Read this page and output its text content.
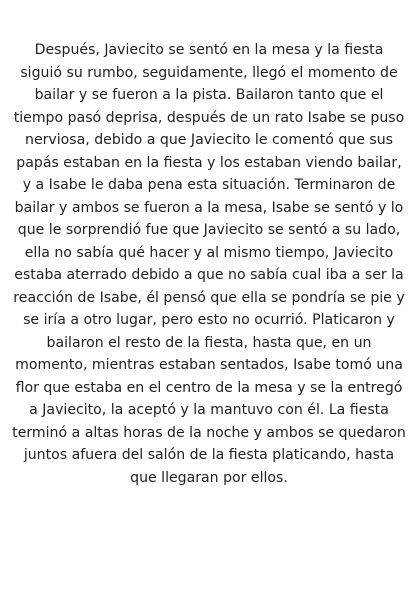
Después, Javiecito se sentó en la mesa y la fiesta siguió su rumbo, seguidamente, llegó el momento de bailar y se fueron a la pista. Bailaron tanto que el tiempo pasó deprisa, después de un rato Isabe se puso nerviosa, debido a que Javiecito le comentó que sus papás estaban en la fiesta y los estaban viendo bailar, y a Isabe le daba pena esta situación. Terminaron de bailar y ambos se fueron a la mesa, Isabe se sentó y lo que le sorprendió fue que Javiecito se sentó a su lado, ella no sabía qué hacer y al mismo tiempo, Javiecito estaba aterrado debido a que no sabía cual iba a ser la reacción de Isabe, él pensó que ella se pondría se pie y se iría a otro lugar, pero esto no ocurrió. Platicaron y bailaron el resto de la fiesta, hasta que, en un momento, mientras estaban sentados, Isabe tomó una flor que estaba en el centro de la mesa y se la entregó a Javiecito, la aceptó y la mantuvo con él. La fiesta terminó a altas horas de la noche y ambos se quedaron juntos afuera del salón de la fiesta platicando, hasta que llegaran por ellos.
